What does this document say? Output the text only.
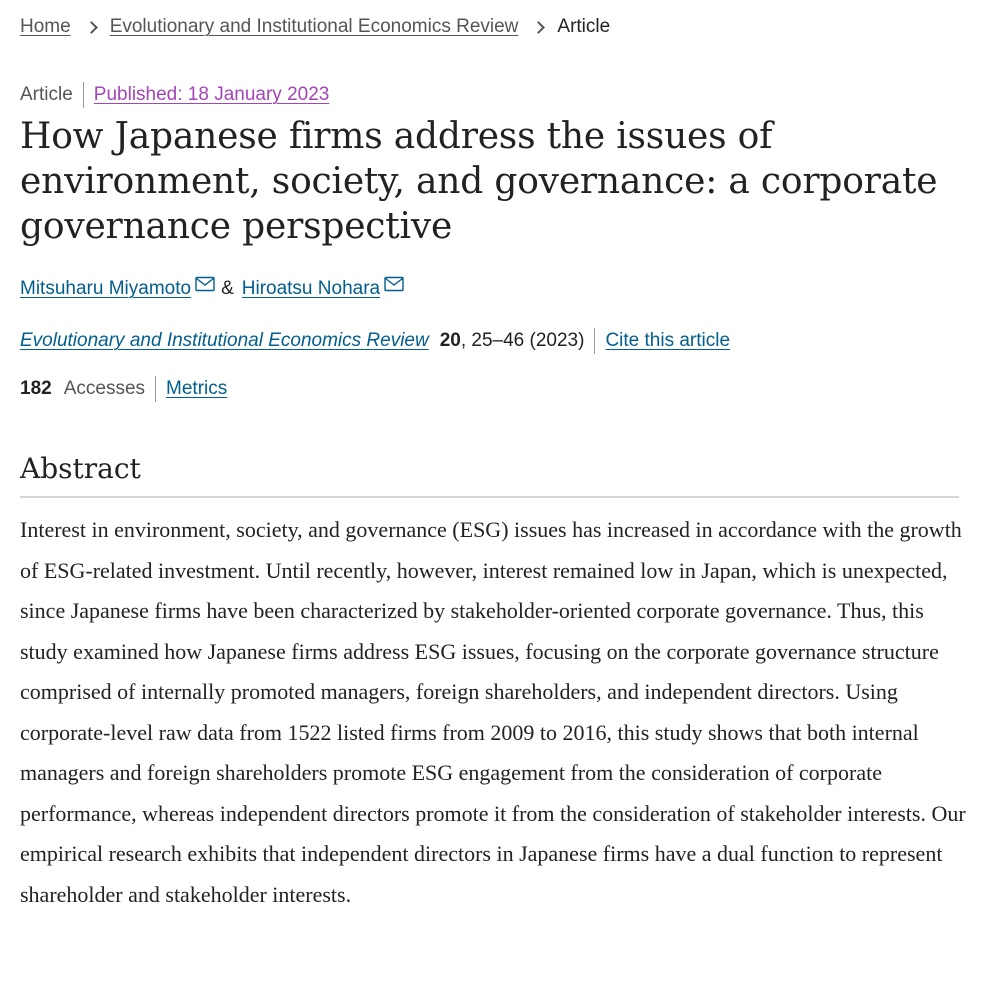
Home Evolutionary and Institutional Economics Review Article
Article	Published: 18 January 2023
How Japanese firms address the issues of environment, society, and governance: a corporate governance perspective
Mitsuharu Miyamoto & Hiroatsu Nohara
Evolutionary and Institutional Economics Review 20 , 25–46 (2023)	Cite this article
182 Accesses	Metrics
Abstract

Interest in environment, society, and governance (ESG) issues has increased in accordance with the growth of ESG-related investment. Until recently, however, interest remained low in Japan, which is unexpected, since Japanese firms have been characterized by stakeholder-oriented corporate governance. Thus, this study examined how Japanese firms address ESG issues, focusing on the corporate governance structure comprised of internally promoted managers, foreign shareholders, and independent directors. Using corporate-level raw data from 1522 listed firms from 2009 to 2016, this study shows that both internal managers and foreign shareholders promote ESG engagement from the consideration of corporate performance, whereas independent directors promote it from the consideration of stakeholder interests. Our empirical research exhibits that independent directors in Japanese firms have a dual function to represent shareholder and stakeholder interests.
